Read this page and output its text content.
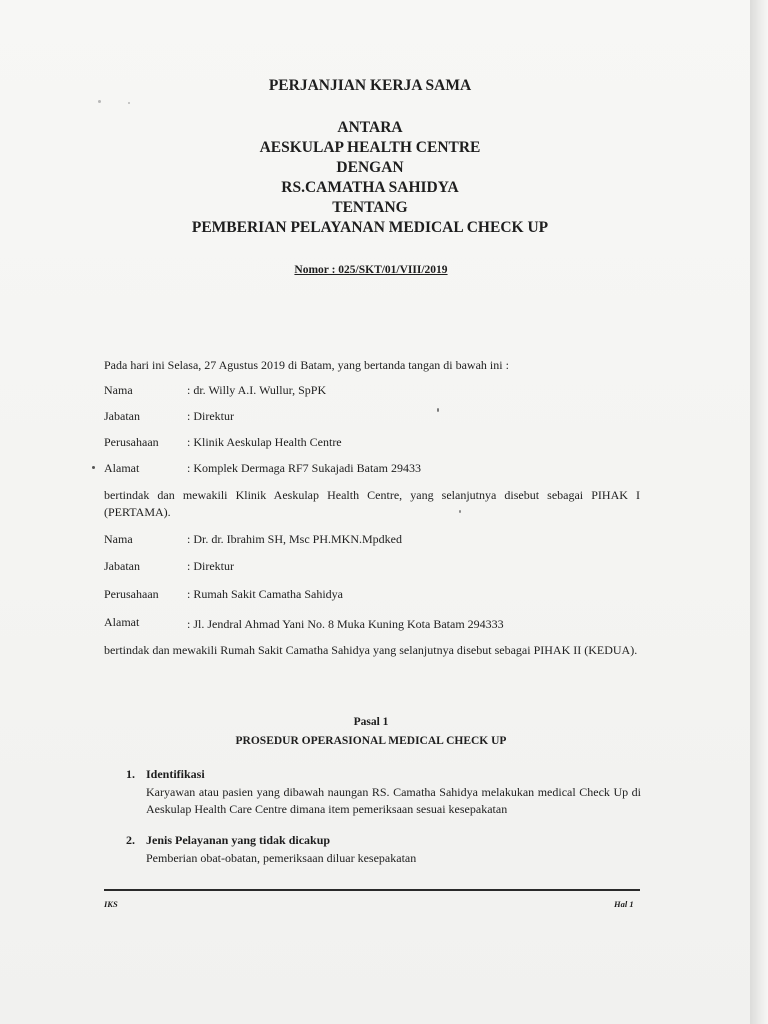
PERJANJIAN KERJA SAMA
ANTARA
AESKULAP HEALTH CENTRE
DENGAN
RS.CAMATHA SAHIDYA
TENTANG
PEMBERIAN PELAYANAN MEDICAL CHECK UP
Nomor : 025/SKT/01/VIII/2019
Pada hari ini Selasa, 27 Agustus 2019 di Batam, yang bertanda tangan di bawah ini :
Nama	: dr. Willy A.I. Wullur, SpPK
Jabatan	: Direktur
Perusahaan : Klinik Aeskulap Health Centre
Alamat	: Komplek Dermaga RF7 Sukajadi Batam 29433
bertindak dan mewakili Klinik Aeskulap Health Centre, yang selanjutnya disebut sebagai PIHAK I (PERTAMA).
Nama	: Dr. dr. Ibrahim SH, Msc PH.MKN.Mpdked
Jabatan	: Direktur
Perusahaan : Rumah Sakit Camatha Sahidya
Alamat	: Jl. Jendral Ahmad Yani No. 8 Muka Kuning Kota Batam 294333
bertindak dan mewakili Rumah Sakit Camatha Sahidya yang selanjutnya disebut sebagai PIHAK II (KEDUA).
Pasal 1
PROSEDUR OPERASIONAL MEDICAL CHECK UP
1. Identifikasi
Karyawan atau pasien yang dibawah naungan RS. Camatha Sahidya melakukan medical Check Up di Aeskulap Health Care Centre dimana item pemeriksaan sesuai kesepakatan
2. Jenis Pelayanan yang tidak dicakup
Pemberian obat-obatan, pemeriksaan diluar kesepakatan
IKS	Hal 1
